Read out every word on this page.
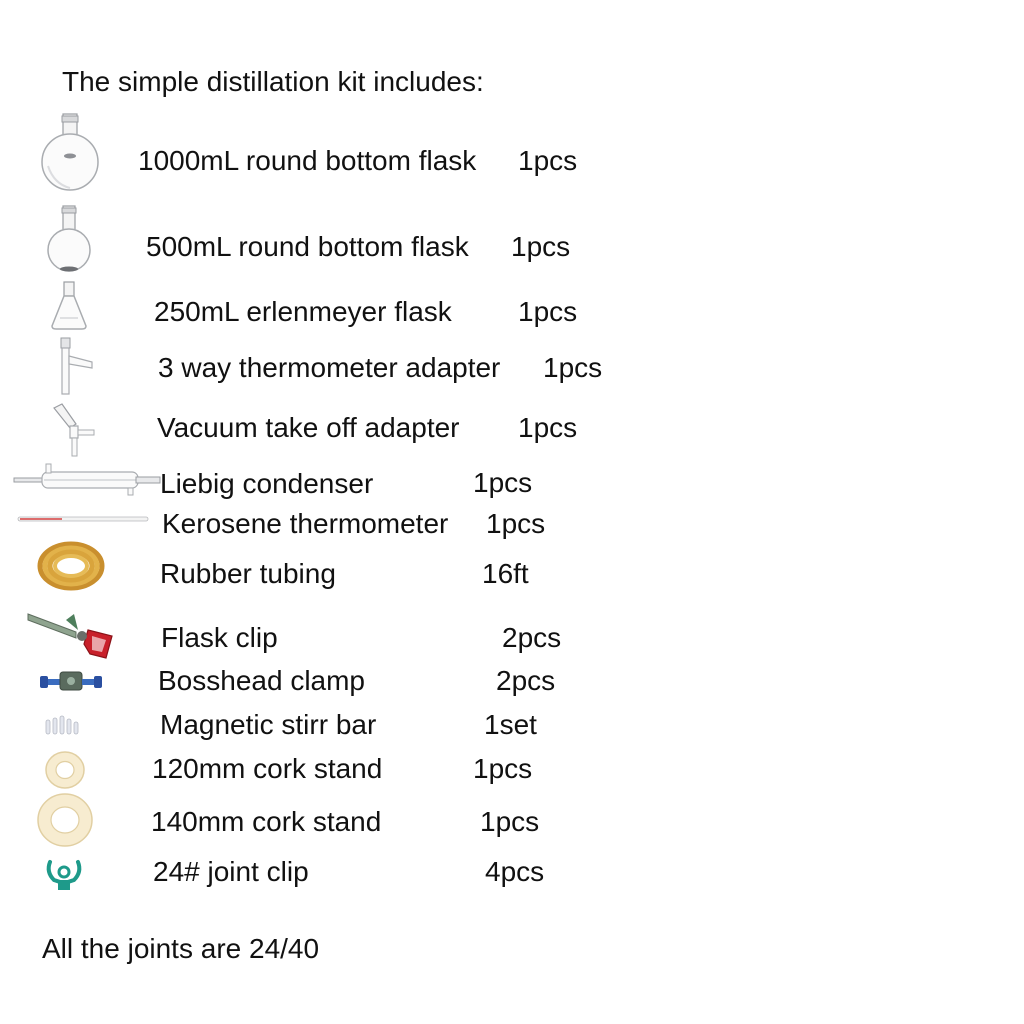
The simple distillation kit includes:
1000mL round bottom flask 1pcs
500mL round bottom flask 1pcs
250mL erlenmeyer flask 1pcs
3 way thermometer adapter 1pcs
Vacuum take off adapter 1pcs
Liebig condenser	1pcs
Kerosene thermometer 1pcs
Rubber tubing	16ft
Flask clip	2pcs
Bosshead clamp	2pcs
Magnetic stirr bar	1set
120mm cork stand	1pcs
140mm cork stand	1pcs
24# joint clip	4pcs
All the joints are 24/40
